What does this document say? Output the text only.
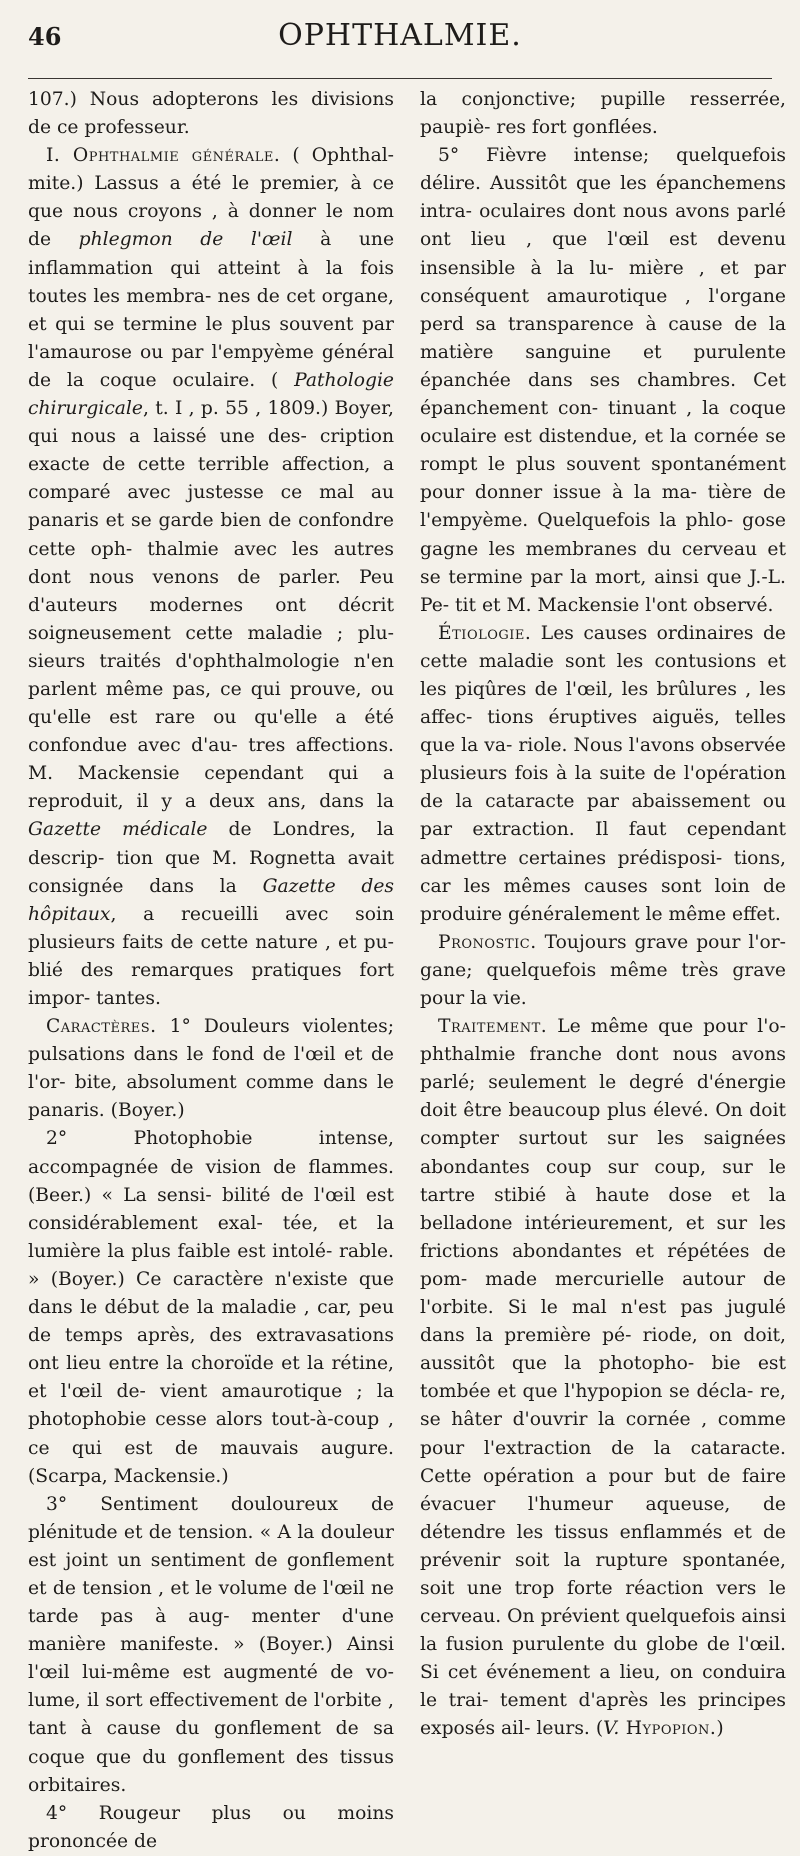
46	OPHTHALMIE.

107.) Nous adopterons les divisions de ce professeur.

I. Ophthalmie générale. ( Ophthal- mite.) Lassus a été le premier, à ce que nous croyons , à donner le nom de phlegmon de l'œil à une inflammation qui atteint à la fois toutes les membra- nes de cet organe, et qui se termine le plus souvent par l'amaurose ou par l'empyème général de la coque oculaire. ( Pathologie chirurgicale, t. I , p. 55 , 1809.) Boyer, qui nous a laissé une des- cription exacte de cette terrible affection, a comparé avec justesse ce mal au panaris et se garde bien de confondre cette oph- thalmie avec les autres dont nous venons de parler. Peu d'auteurs modernes ont décrit soigneusement cette maladie ; plu- sieurs traités d'ophthalmologie n'en parlent même pas, ce qui prouve, ou qu'elle est rare ou qu'elle a été confondue avec d'au- tres affections. M. Mackensie cependant qui a reproduit, il y a deux ans, dans la Gazette médicale de Londres, la descrip- tion que M. Rognetta avait consignée dans la Gazette des hôpitaux, a recueilli avec soin plusieurs faits de cette nature , et pu- blié des remarques pratiques fort impor- tantes.

Caractères. 1° Douleurs violentes; pulsations dans le fond de l'œil et de l'or- bite, absolument comme dans le panaris. (Boyer.)

2° Photophobie intense, accompagnée de vision de flammes. (Beer.) « La sensi- bilité de l'œil est considérablement exal- tée, et la lumière la plus faible est intolé- rable. » (Boyer.) Ce caractère n'existe que dans le début de la maladie , car, peu de temps après, des extravasations ont lieu entre la choroïde et la rétine, et l'œil de- vient amaurotique ; la photophobie cesse alors tout-à-coup , ce qui est de mauvais augure. (Scarpa, Mackensie.)

3° Sentiment douloureux de plénitude et de tension. « A la douleur est joint un sentiment de gonflement et de tension , et le volume de l'œil ne tarde pas à aug- menter d'une manière manifeste. » (Boyer.) Ainsi l'œil lui-même est augmenté de vo- lume, il sort effectivement de l'orbite , tant à cause du gonflement de sa coque que du gonflement des tissus orbitaires.

4° Rougeur plus ou moins prononcée de

la conjonctive; pupille resserrée, paupiè- res fort gonflées.

5° Fièvre intense; quelquefois délire. Aussitôt que les épanchemens intra- oculaires dont nous avons parlé ont lieu , que l'œil est devenu insensible à la lu- mière , et par conséquent amaurotique , l'organe perd sa transparence à cause de la matière sanguine et purulente épanchée dans ses chambres. Cet épanchement con- tinuant , la coque oculaire est distendue, et la cornée se rompt le plus souvent spontanément pour donner issue à la ma- tière de l'empyème. Quelquefois la phlo- gose gagne les membranes du cerveau et se termine par la mort, ainsi que J.-L. Pe- tit et M. Mackensie l'ont observé.

Étiologie. Les causes ordinaires de cette maladie sont les contusions et les piqûres de l'œil, les brûlures , les affec- tions éruptives aiguës, telles que la va- riole. Nous l'avons observée plusieurs fois à la suite de l'opération de la cataracte par abaissement ou par extraction. Il faut cependant admettre certaines prédisposi- tions, car les mêmes causes sont loin de produire généralement le même effet.

Pronostic. Toujours grave pour l'or- gane; quelquefois même très grave pour la vie.

Traitement. Le même que pour l'o- phthalmie franche dont nous avons parlé; seulement le degré d'énergie doit être beaucoup plus élevé. On doit compter surtout sur les saignées abondantes coup sur coup, sur le tartre stibié à haute dose et la belladone intérieurement, et sur les frictions abondantes et répétées de pom- made mercurielle autour de l'orbite. Si le mal n'est pas jugulé dans la première pé- riode, on doit, aussitôt que la photopho- bie est tombée et que l'hypopion se décla- re, se hâter d'ouvrir la cornée , comme pour l'extraction de la cataracte. Cette opération a pour but de faire évacuer l'humeur aqueuse, de détendre les tissus enflammés et de prévenir soit la rupture spontanée, soit une trop forte réaction vers le cerveau. On prévient quelquefois ainsi la fusion purulente du globe de l'œil. Si cet événement a lieu, on conduira le trai- tement d'après les principes exposés ail- leurs. (V. Hypopion.)
